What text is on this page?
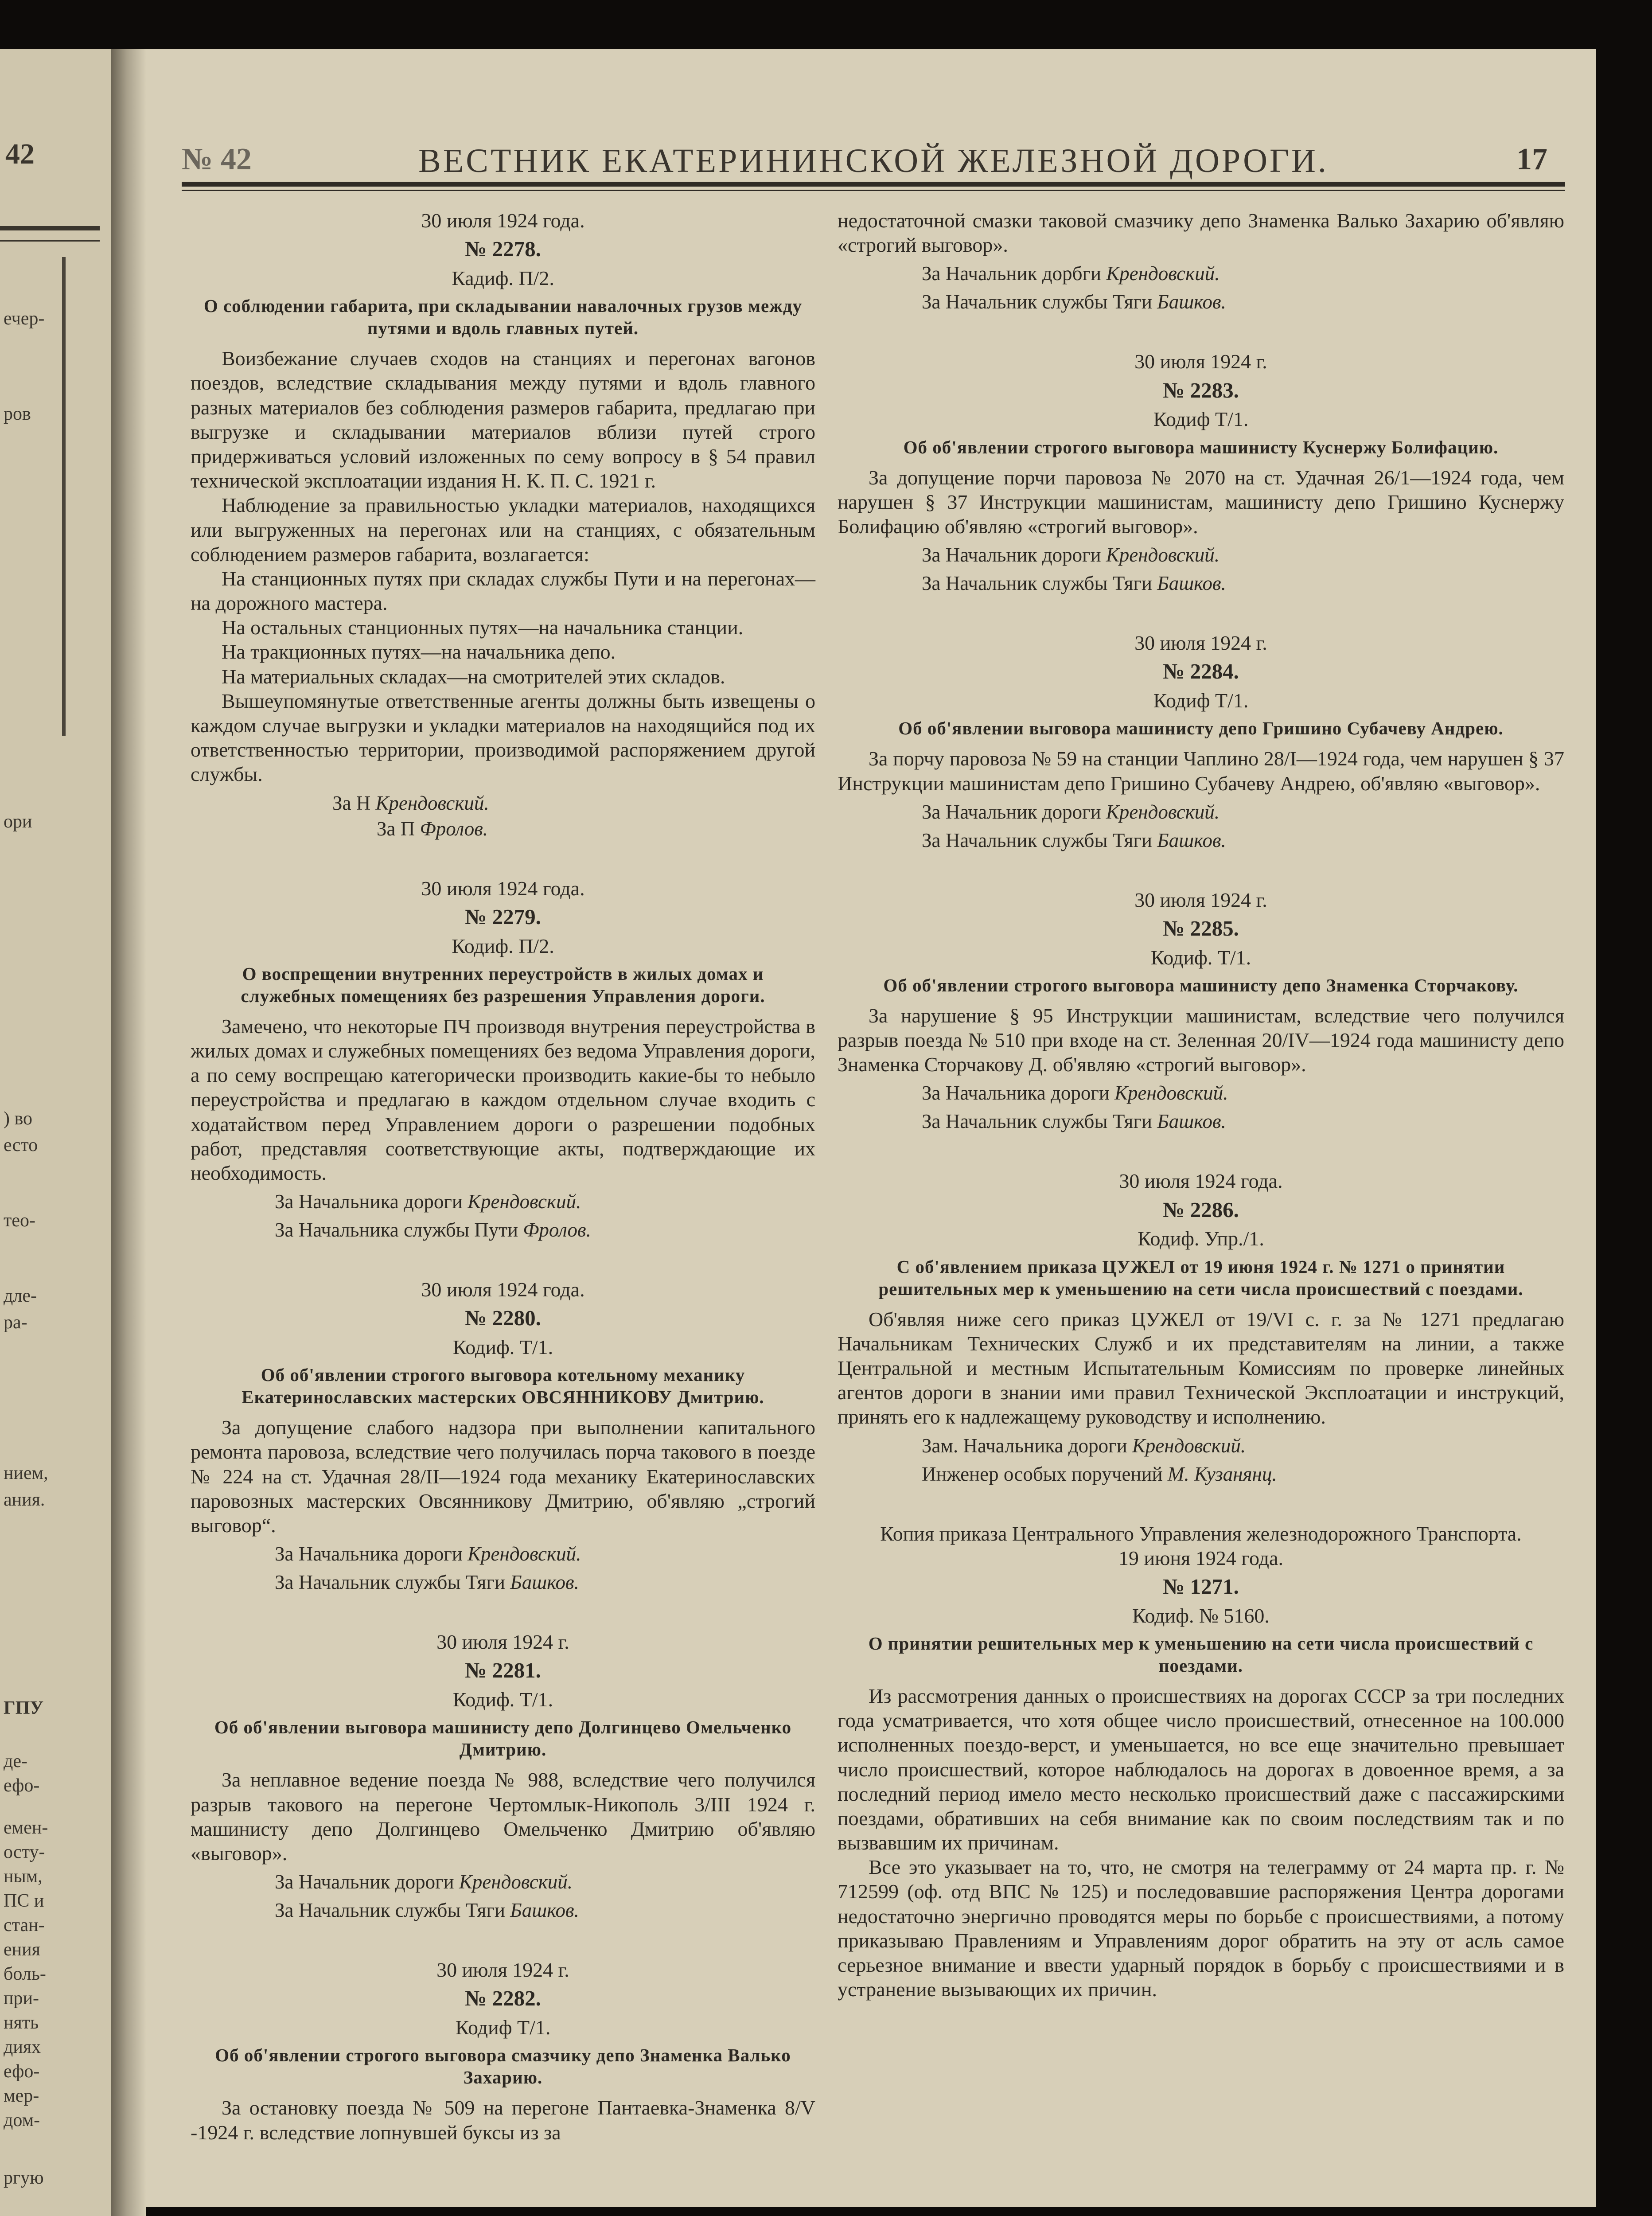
42
ечер-
ров
ори
) во
есто
тео-
дле-
ра-
нием,
ания.
ГПУ
де-
ефо-
емен-
осту-
ным,
ПС и
стан-
ения
боль-
при-
нять
диях
ефо-
мер-
дом-
ргую
№ 42	ВЕСТНИК ЕКАТЕРИНИНСКОЙ ЖЕЛЕЗНОЙ ДОРОГИ.	17

30 июля 1924 года.

№ 2278.

Кадиф. П/2.

О соблюдении габарита, при складывании навалочных грузов между путями и вдоль главных путей.

Воизбежание случаев сходов на станциях и перегонах вагонов поездов, вследствие складывания между путями и вдоль главного разных материалов без соблюдения размеров габарита, предлагаю при выгрузке и складывании материалов вблизи путей строго придерживаться условий изложенных по сему вопросу в § 54 правил технической эксплоатации издания Н. К. П. С. 1921 г.

Наблюдение за правильностью укладки материалов, находящихся или выгруженных на перегонах или на станциях, с обязательным соблюдением размеров габарита, возлагается:

На станционных путях при складах службы Пути и на перегонах—на дорожного мастера.

На остальных станционных путях—на начальника станции.

На тракционных путях—на начальника депо.

На материальных складах—на смотрителей этих складов.

Вышеупомянутые ответственные агенты должны быть извещены о каждом случае выгрузки и укладки материалов на находящийся под их ответственностью территории, производимой распоряжением другой службы.

За Н Крендовский.

За П Фролов.

30 июля 1924 года.

№ 2279.

Кодиф. П/2.

О воспрещении внутренних переустройств в жилых домах и служебных помещениях без разрешения Управления дороги.

Замечено, что некоторые ПЧ производя внутрения переустройства в жилых домах и служебных помещениях без ведома Управления дороги, а по сему воспрещаю категорически производить какие-бы то небыло переустройства и предлагаю в каждом отдельном случае входить с ходатайством перед Управлением дороги о разрешении подобных работ, представляя соответствующие акты, подтверждающие их необходимость.

За Начальника дороги Крендовский.

За Начальника службы Пути Фролов.

30 июля 1924 года.

№ 2280.

Кодиф. Т/1.

Об об'явлении строгого выговора котельному механику Екатеринославских мастерских ОВСЯННИКОВУ Дмитрию.

За допущение слабого надзора при выполнении капитального ремонта паровоза, вследствие чего получилась порча такового в поезде № 224 на ст. Удачная 28/II—1924 года механику Екатеринославских паровозных мастерских Овсянникову Дмитрию, об'являю „строгий выговор“.

За Начальника дороги Крендовский.

За Начальник службы Тяги Башков.

30 июля 1924 г.

№ 2281.

Кодиф. Т/1.

Об об'явлении выговора машинисту депо Долгинцево Омельченко Дмитрию.

За неплавное ведение поезда № 988, вследствие чего получился разрыв такового на перегоне Чертомлык-Никополь 3/III 1924 г. машинисту депо Долгинцево Омельченко Дмитрию об'являю «выговор».

За Начальник дороги Крендовский.

За Начальник службы Тяги Башков.

30 июля 1924 г.

№ 2282.

Кодиф Т/1.

Об об'явлении строгого выговора смазчику депо Знаменка Валько Захарию.

За остановку поезда № 509 на перегоне Пантаевка-Знаменка 8/V -1924 г. вследствие лопнувшей буксы из за

недостаточной смазки таковой смазчику депо Знаменка Валько Захарию об'являю «строгий выговор».

За Начальник дорбги Крендовский.

За Начальник службы Тяги Башков.

30 июля 1924 г.

№ 2283.

Кодиф Т/1.

Об об'явлении строгого выговора машинисту Куснержу Болифацию.

За допущение порчи паровоза № 2070 на ст. Удачная 26/1—1924 года, чем нарушен § 37 Инструкции машинистам, машинисту депо Гришино Куснержу Болифацию об'являю «строгий выговор».

За Начальник дороги Крендовский.

За Начальник службы Тяги Башков.

30 июля 1924 г.

№ 2284.

Кодиф Т/1.

Об об'явлении выговора машинисту депо Гришино Субачеву Андрею.

За порчу паровоза № 59 на станции Чаплино 28/I—1924 года, чем нарушен § 37 Инструкции машинистам депо Гришино Субачеву Андрею, об'являю «выговор».

За Начальник дороги Крендовский.

За Начальник службы Тяги Башков.

30 июля 1924 г.

№ 2285.

Кодиф. Т/1.

Об об'явлении строгого выговора машинисту депо Знаменка Сторчакову.

За нарушение § 95 Инструкции машинистам, вследствие чего получился разрыв поезда № 510 при входе на ст. Зеленная 20/IV—1924 года машинисту депо Знаменка Сторчакову Д. об'являю «строгий выговор».

За Начальника дороги Крендовский.

За Начальник службы Тяги Башков.

30 июля 1924 года.

№ 2286.

Кодиф. Упр./1.

С об'явлением приказа ЦУЖЕЛ от 19 июня 1924 г. № 1271 о принятии решительных мер к уменьшению на сети числа происшествий с поездами.

Об'являя ниже сего приказ ЦУЖЕЛ от 19/VI с. г. за № 1271 предлагаю Начальникам Технических Служб и их представителям на линии, а также Центральной и местным Испытательным Комиссиям по проверке линейных агентов дороги в знании ими правил Технической Эксплоатации и инструкций, принять его к надлежащему руководству и исполнению.

Зам. Начальника дороги Крендовский.

Инженер особых поручений М. Кузанянц.

Копия приказа Центрального Управления железнодорожного Транспорта.

19 июня 1924 года.

№ 1271.

Кодиф. № 5160.

О принятии решительных мер к уменьшению на сети числа происшествий с поездами.

Из рассмотрения данных о происшествиях на дорогах СССР за три последних года усматривается, что хотя общее число происшествий, отнесенное на 100.000 исполненных поездо-верст, и уменьшается, но все еще значительно превышает число происшествий, которое наблюдалось на дорогах в довоенное время, а за последний период имело место несколько происшествий даже с пассажирскими поездами, обративших на себя внимание как по своим последствиям так и по вызвавшим их причинам.

Все это указывает на то, что, не смотря на телеграмму от 24 марта пр. г. № 712599 (оф. отд ВПС № 125) и последовавшие распоряжения Центра дорогами недостаточно энергично проводятся меры по борьбе с происшествиями, а потому приказываю Правлениям и Управлениям дорог обратить на эту от асль самое серьезное внимание и ввести ударный порядок в борьбу с происшествиями и в устранение вызывающих их причин.
